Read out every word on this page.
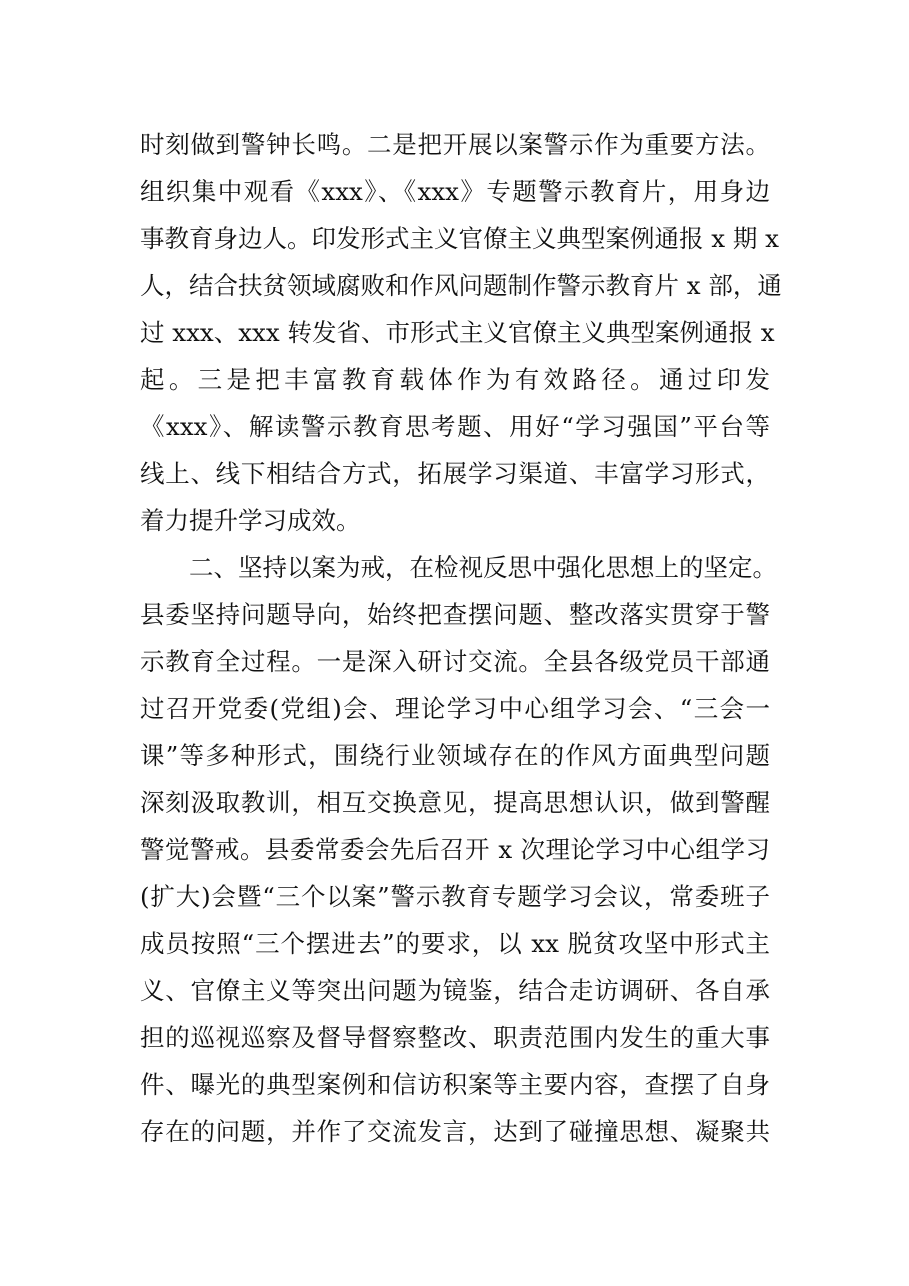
时刻做到警钟长鸣。二是把开展以案警示作为重要方法。
组织集中观看《xxx》、《xxx》专题警示教育片，用身边
事教育身边人。印发形式主义官僚主义典型案例通报 x 期 x
人，结合扶贫领域腐败和作风问题制作警示教育片 x 部，通
过 xxx、xxx 转发省、市形式主义官僚主义典型案例通报 x
起。三是把丰富教育载体作为有效路径。通过印发
《xxx》、解读警示教育思考题、用好“学习强国”平台等
线上、线下相结合方式，拓展学习渠道、丰富学习形式，
着力提升学习成效。
二、坚持以案为戒，在检视反思中强化思想上的坚定。
县委坚持问题导向，始终把查摆问题、整改落实贯穿于警
示教育全过程。一是深入研讨交流。全县各级党员干部通
过召开党委(党组)会、理论学习中心组学习会、“三会一
课”等多种形式，围绕行业领域存在的作风方面典型问题
深刻汲取教训，相互交换意见，提高思想认识，做到警醒
警觉警戒。县委常委会先后召开 x 次理论学习中心组学习
(扩大)会暨“三个以案”警示教育专题学习会议，常委班子
成员按照“三个摆进去”的要求，以 xx 脱贫攻坚中形式主
义、官僚主义等突出问题为镜鉴，结合走访调研、各自承
担的巡视巡察及督导督察整改、职责范围内发生的重大事
件、曝光的典型案例和信访积案等主要内容，查摆了自身
存在的问题，并作了交流发言，达到了碰撞思想、凝聚共
